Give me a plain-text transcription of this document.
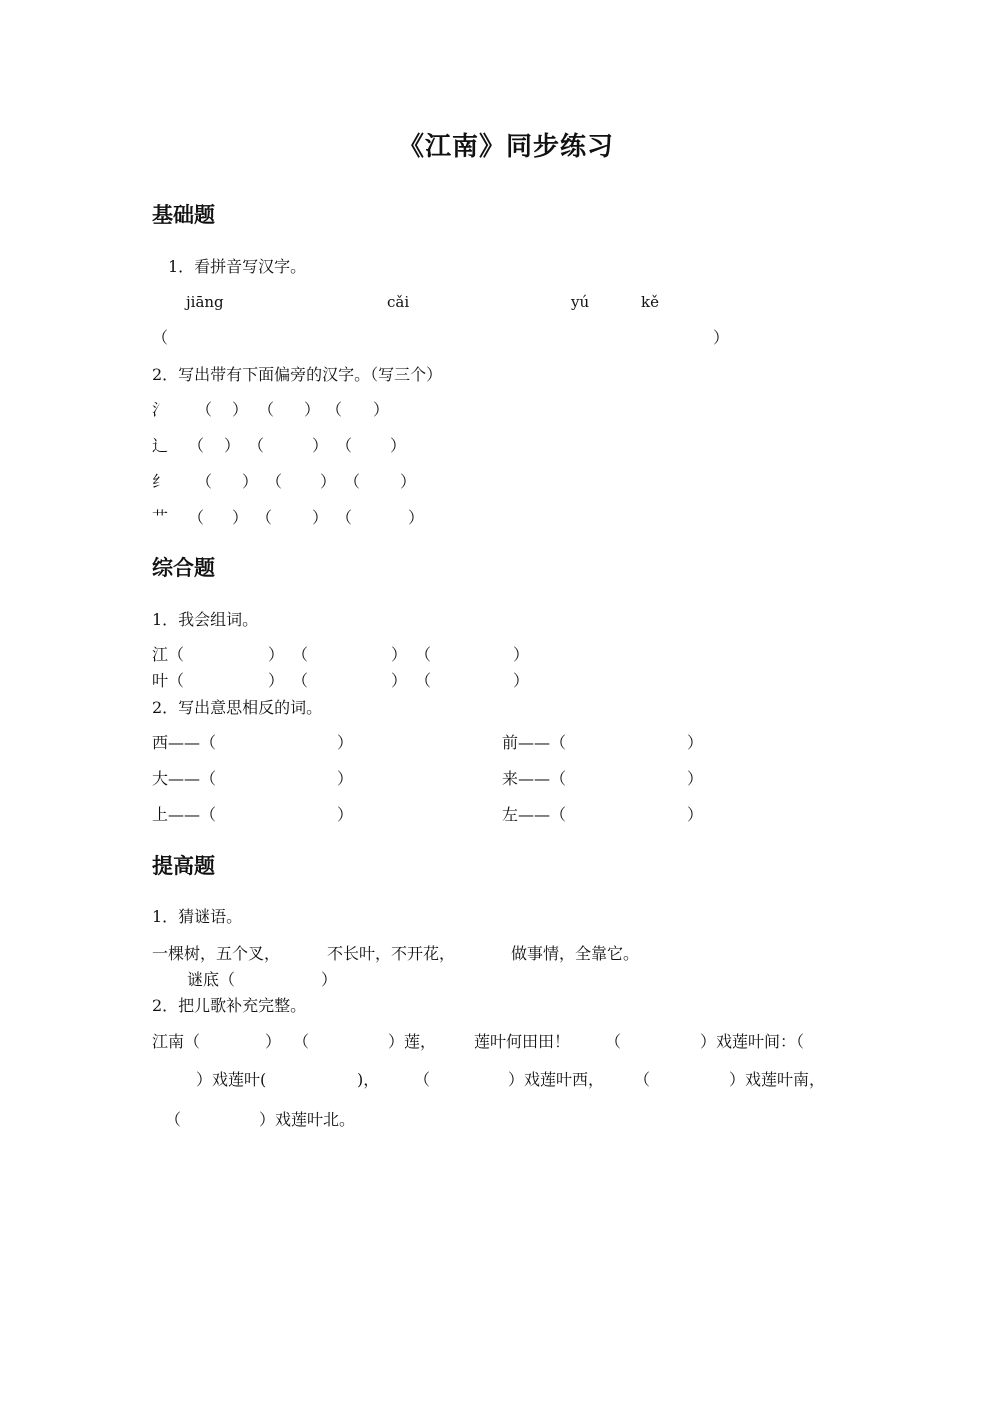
《江南》同步练习
基础题
1．看拼音写汉字。
jiāng	cǎi	yú	kě
（	）
2．写出带有下面偏旁的汉字。（写三个）
氵 （ ） （ ） （ ）
辶 （ ） （	） （ ）
纟 （ ） （ ） （ ）
艹 （ ） （ ） （	）
综合题
1．我会组词。
江（	） （	） （	）
叶（	） （	） （	）
2．写出意思相反的词。
西——（	）	前——（	）
大——（	）	来——（	）
上——（	）	左——（	）
提高题
1．猜谜语。
一棵树，五个叉，	不长叶，不开花，	做事情，全靠它。
谜底（	）
2．把儿歌补充完整。
江南（	） （	）莲， 莲叶何田田！ （	）戏莲叶间：（
）戏莲叶(	)， （	）戏莲叶西， （	）戏莲叶南，
（	）戏莲叶北。
